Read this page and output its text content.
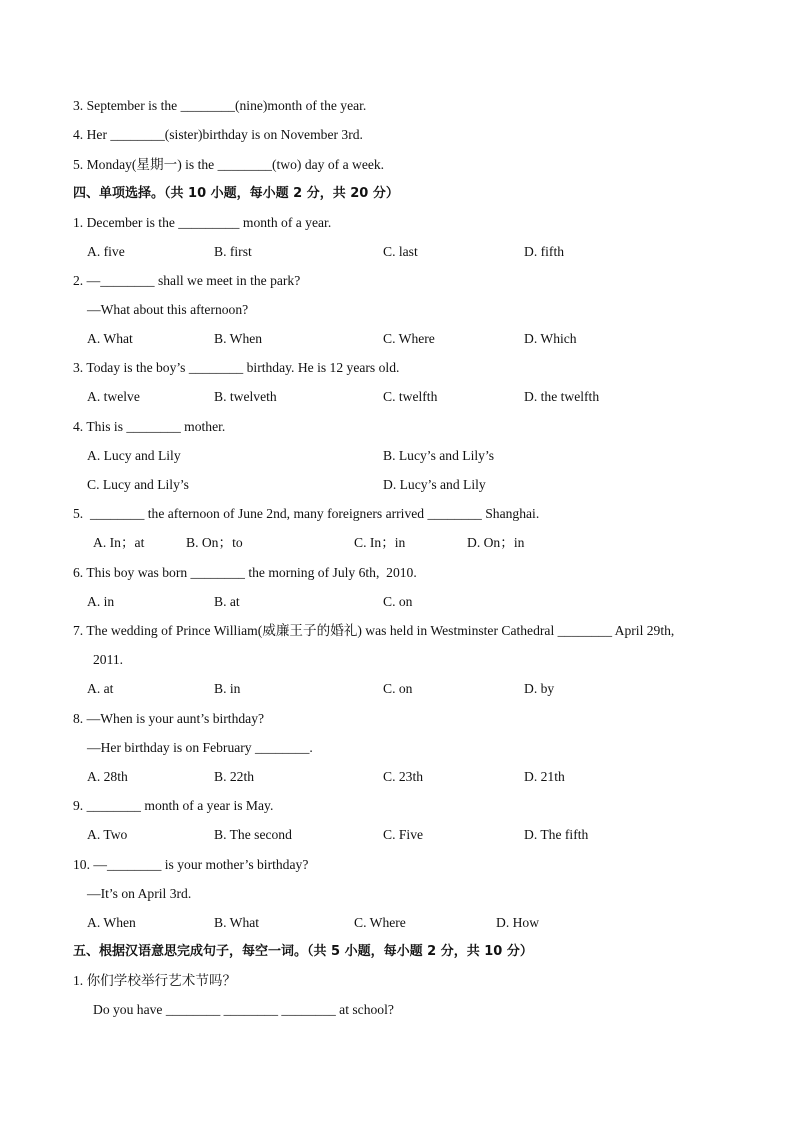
3. September is the ________(nine)month of the year.
4. Her ________(sister)birthday is on November 3rd.
5. Monday(星期一) is the ________(two) day of a week.
四、单项选择。（共 10 小题，每小题 2 分，共 20 分）
1. December is the _________ month of a year.
A. five	B. first	C. last	D. fifth
2. —________ shall we meet in the park?
—What about this afternoon?
A. What	B. When	C. Where	D. Which
3. Today is the boy’s ________ birthday. He is 12 years old.
A. twelve	B. twelveth	C. twelfth	D. the twelfth
4. This is ________ mother.
A. Lucy and Lily	B. Lucy’s and Lily’s
C. Lucy and Lily’s	D. Lucy’s and Lily
5.  ________ the afternoon of June 2nd, many foreigners arrived ________ Shanghai.
A. In；at	B. On；to	C. In；in	D. On；in
6. This boy was born ________ the morning of July 6th,  2010.
A. in	B. at	C. on
7. The wedding of Prince William(威廉王子的婚礼) was held in Westminster Cathedral ________ April 29th,
2011.
A. at	B. in	C. on	D. by
8. —When is your aunt’s birthday?
—Her birthday is on February ________.
A. 28th	B. 22th	C. 23th	D. 21th
9. ________ month of a year is May.
A. Two	B. The second	C. Five	D. The fifth
10. —________ is your mother’s birthday?
—It’s on April 3rd.
A. When	B. What	C. Where	D. How
五、根据汉语意思完成句子，每空一词。（共 5 小题，每小题 2 分，共 10 分）
1. 你们学校举行艺术节吗？
Do you have ________ ________ ________ at school?
